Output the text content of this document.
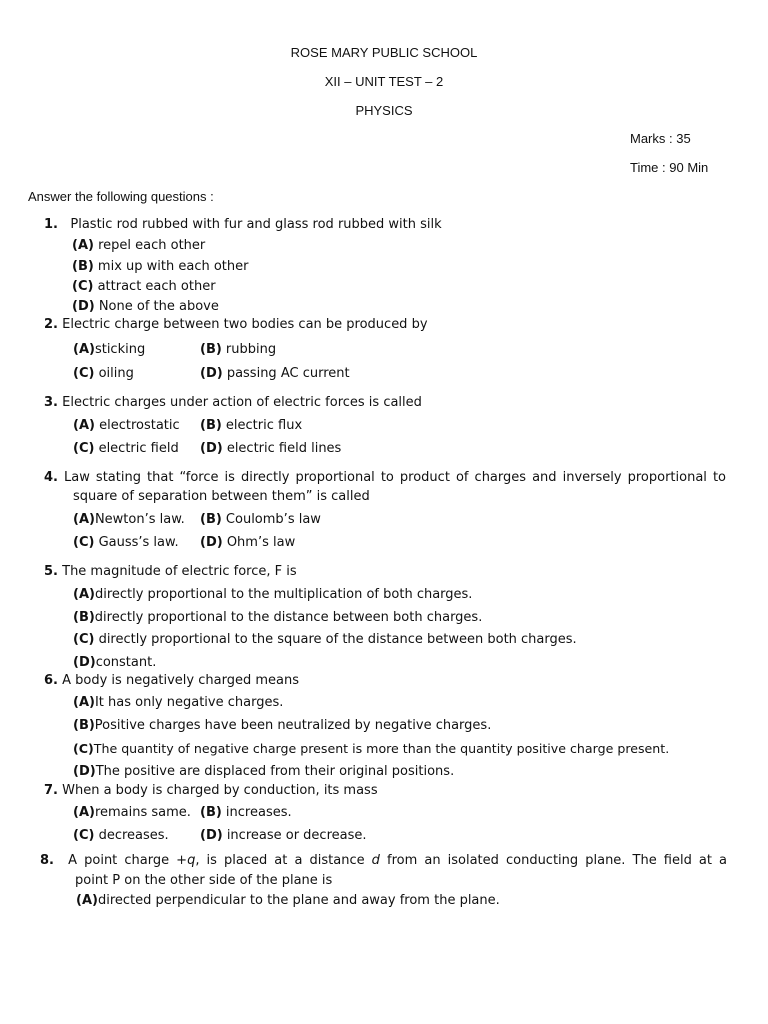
ROSE MARY PUBLIC SCHOOL
XII – UNIT TEST – 2
PHYSICS
Marks : 35
Time : 90 Min
Answer the following questions :
1. Plastic rod rubbed with fur and glass rod rubbed with silk
(A) repel each other
(B) mix up with each other
(C) attract each other
(D) None of the above
2. Electric charge between two bodies can be produced by
(A)sticking	(B) rubbing
(C) oiling	(D) passing AC current
3. Electric charges under action of electric forces is called
(A) electrostatic (B) electric flux
(C) electric field (D) electric field lines
4. Law stating that “force is directly proportional to product of charges and inversely proportional to
square of separation between them” is called
(A)Newton’s law. (B) Coulomb’s law
(C) Gauss’s law. (D) Ohm’s law
5. The magnitude of electric force, F is
(A)directly proportional to the multiplication of both charges.
(B)directly proportional to the distance between both charges.
(C) directly proportional to the square of the distance between both charges.
(D)constant.
6. A body is negatively charged means
(A)It has only negative charges.
(B)Positive charges have been neutralized by negative charges.
(C)The quantity of negative charge present is more than the quantity positive charge present.
(D)The positive are displaced from their original positions.
7. When a body is charged by conduction, its mass
(A)remains same. (B) increases.
(C) decreases. (D) increase or decrease.
8. A point charge +q, is placed at a distance d from an isolated conducting plane. The field at a
point P on the other side of the plane is
(A)directed perpendicular to the plane and away from the plane.
